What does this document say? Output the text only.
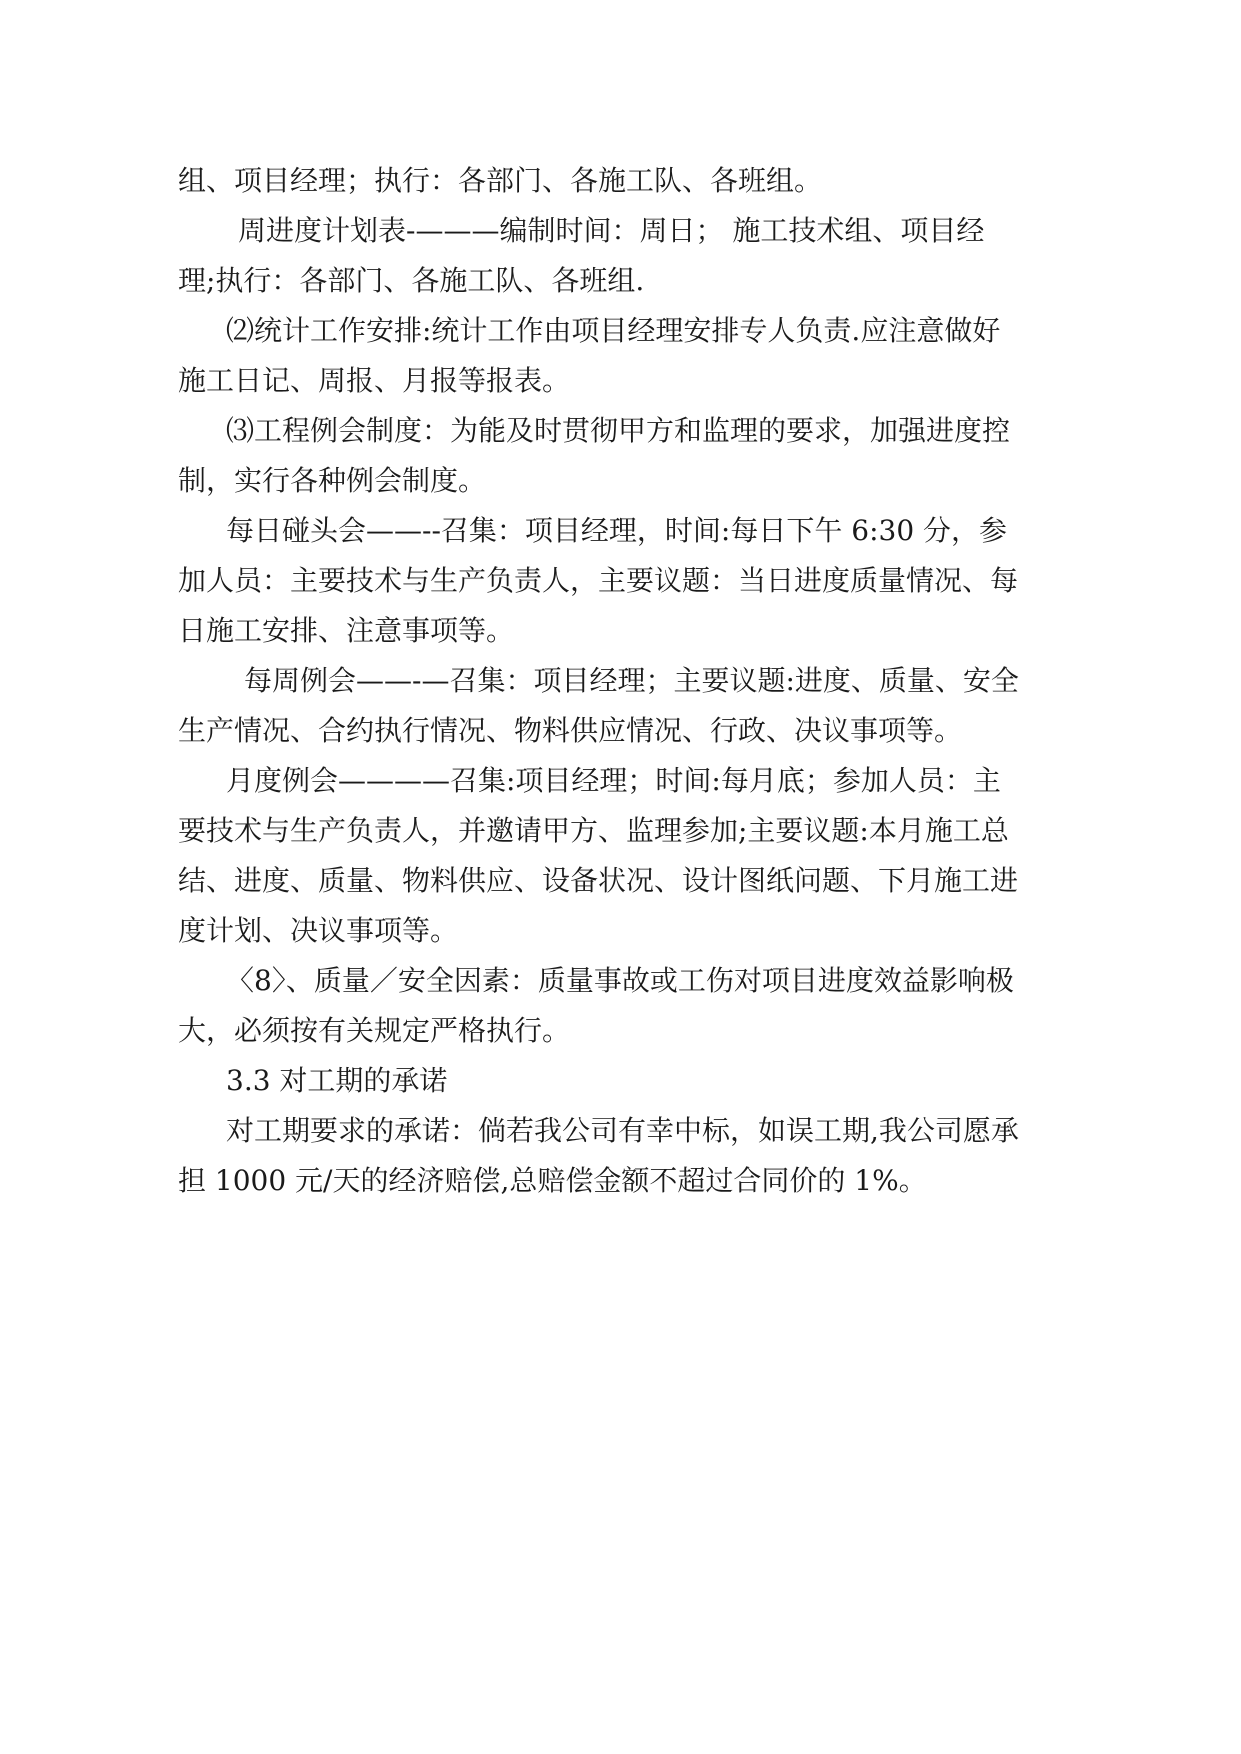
组、项目经理；执行：各部门、各施工队、各班组。

周进度计划表-———编制时间：周日； 施工技术组、项目经

理;执行：各部门、各施工队、各班组.

⑵统计工作安排:统计工作由项目经理安排专人负责.应注意做好

施工日记、周报、月报等报表。

⑶工程例会制度：为能及时贯彻甲方和监理的要求，加强进度控

制，实行各种例会制度。

每日碰头会——--召集：项目经理，时间:每日下午 6:30 分，参

加人员：主要技术与生产负责人，主要议题：当日进度质量情况、每

日施工安排、注意事项等。

每周例会——-—召集：项目经理；主要议题:进度、质量、安全

生产情况、合约执行情况、物料供应情况、行政、决议事项等。

月度例会————召集:项目经理；时间:每月底；参加人员：主

要技术与生产负责人，并邀请甲方、监理参加;主要议题:本月施工总

结、进度、质量、物料供应、设备状况、设计图纸问题、下月施工进

度计划、决议事项等。

〈8〉、质量／安全因素：质量事故或工伤对项目进度效益影响极

大，必须按有关规定严格执行。

3.3 对工期的承诺

对工期要求的承诺：倘若我公司有幸中标，如误工期,我公司愿承

担 1000 元/天的经济赔偿,总赔偿金额不超过合同价的 1%。
